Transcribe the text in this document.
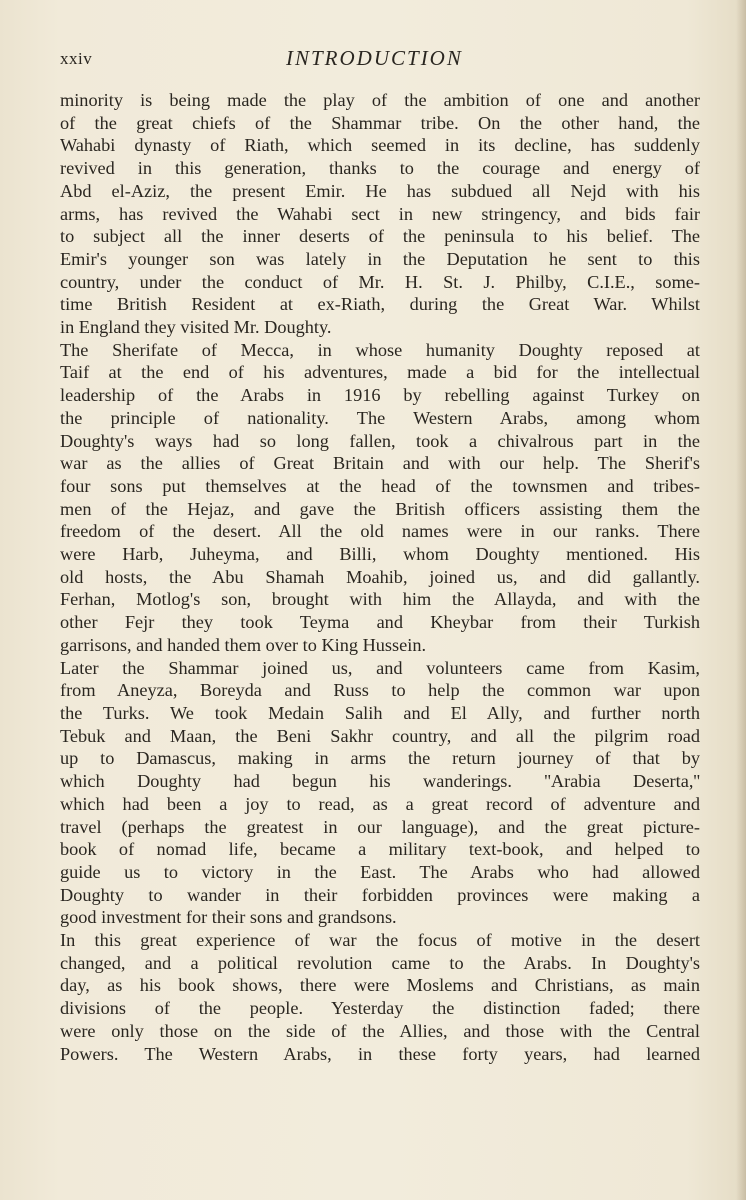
xxiv	INTRODUCTION
minority is being made the play of the ambition of one and another
of the great chiefs of the Shammar tribe. On the other hand, the
Wahabi dynasty of Riath, which seemed in its decline, has suddenly
revived in this generation, thanks to the courage and energy of
Abd el-Aziz, the present Emir. He has subdued all Nejd with his
arms, has revived the Wahabi sect in new stringency, and bids fair
to subject all the inner deserts of the peninsula to his belief. The
Emir's younger son was lately in the Deputation he sent to this
country, under the conduct of Mr. H. St. J. Philby, C.I.E., some-
time British Resident at ex-Riath, during the Great War. Whilst
in England they visited Mr. Doughty.
The Sherifate of Mecca, in whose humanity Doughty reposed at
Taif at the end of his adventures, made a bid for the intellectual
leadership of the Arabs in 1916 by rebelling against Turkey on
the principle of nationality. The Western Arabs, among whom
Doughty's ways had so long fallen, took a chivalrous part in the
war as the allies of Great Britain and with our help. The Sherif's
four sons put themselves at the head of the townsmen and tribes-
men of the Hejaz, and gave the British officers assisting them the
freedom of the desert. All the old names were in our ranks. There
were Harb, Juheyma, and Billi, whom Doughty mentioned. His
old hosts, the Abu Shamah Moahib, joined us, and did gallantly.
Ferhan, Motlog's son, brought with him the Allayda, and with the
other Fejr they took Teyma and Kheybar from their Turkish
garrisons, and handed them over to King Hussein.
Later the Shammar joined us, and volunteers came from Kasim,
from Aneyza, Boreyda and Russ to help the common war upon
the Turks. We took Medain Salih and El Ally, and further north
Tebuk and Maan, the Beni Sakhr country, and all the pilgrim road
up to Damascus, making in arms the return journey of that by
which Doughty had begun his wanderings. ''Arabia Deserta,''
which had been a joy to read, as a great record of adventure and
travel (perhaps the greatest in our language), and the great picture-
book of nomad life, became a military text-book, and helped to
guide us to victory in the East. The Arabs who had allowed
Doughty to wander in their forbidden provinces were making a
good investment for their sons and grandsons.
In this great experience of war the focus of motive in the desert
changed, and a political revolution came to the Arabs. In Doughty's
day, as his book shows, there were Moslems and Christians, as main
divisions of the people. Yesterday the distinction faded; there
were only those on the side of the Allies, and those with the Central
Powers. The Western Arabs, in these forty years, had learned
